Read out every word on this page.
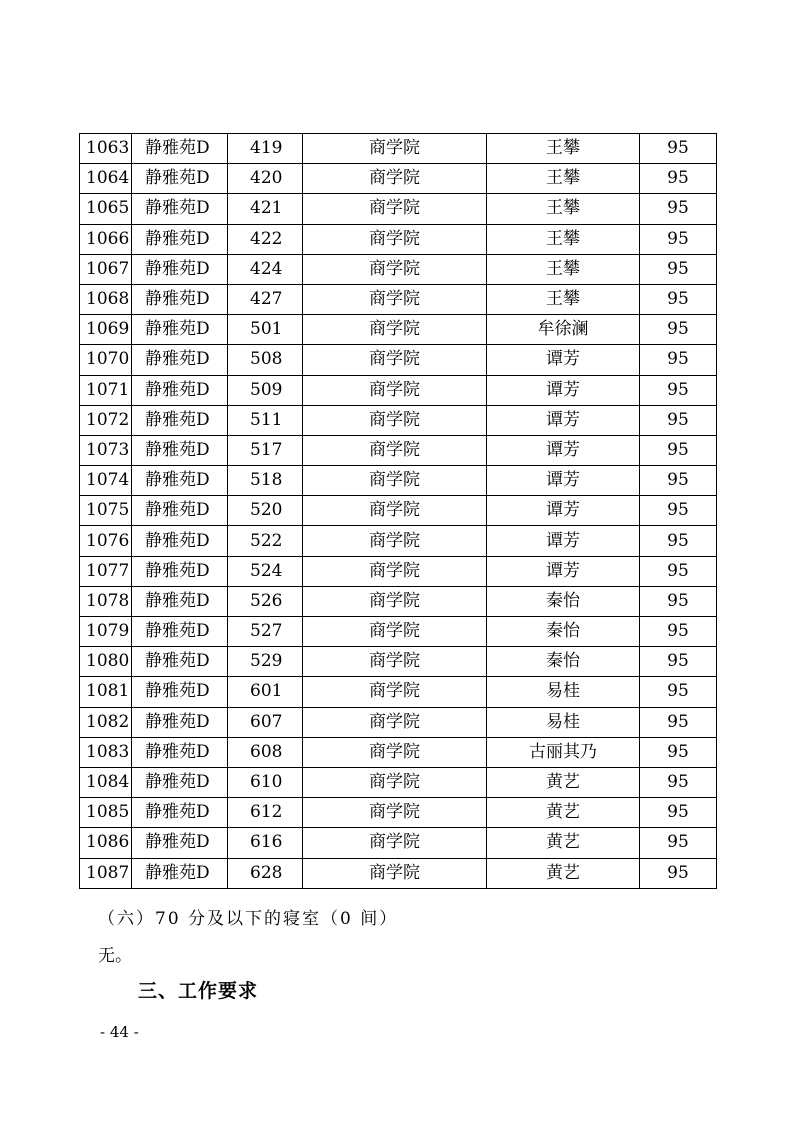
1063	静雅苑D	419	商学院	王攀	95
1064	静雅苑D	420	商学院	王攀	95
1065	静雅苑D	421	商学院	王攀	95
1066	静雅苑D	422	商学院	王攀	95
1067	静雅苑D	424	商学院	王攀	95
1068	静雅苑D	427	商学院	王攀	95
1069	静雅苑D	501	商学院	牟徐澜	95
1070	静雅苑D	508	商学院	谭芳	95
1071	静雅苑D	509	商学院	谭芳	95
1072	静雅苑D	511	商学院	谭芳	95
1073	静雅苑D	517	商学院	谭芳	95
1074	静雅苑D	518	商学院	谭芳	95
1075	静雅苑D	520	商学院	谭芳	95
1076	静雅苑D	522	商学院	谭芳	95
1077	静雅苑D	524	商学院	谭芳	95
1078	静雅苑D	526	商学院	秦怡	95
1079	静雅苑D	527	商学院	秦怡	95
1080	静雅苑D	529	商学院	秦怡	95
1081	静雅苑D	601	商学院	易桂	95
1082	静雅苑D	607	商学院	易桂	95
1083	静雅苑D	608	商学院	古丽其乃	95
1084	静雅苑D	610	商学院	黄艺	95
1085	静雅苑D	612	商学院	黄艺	95
1086	静雅苑D	616	商学院	黄艺	95
1087	静雅苑D	628	商学院	黄艺	95
（六）70 分及以下的寝室（0 间）
无。
三、工作要求
- 44 -
